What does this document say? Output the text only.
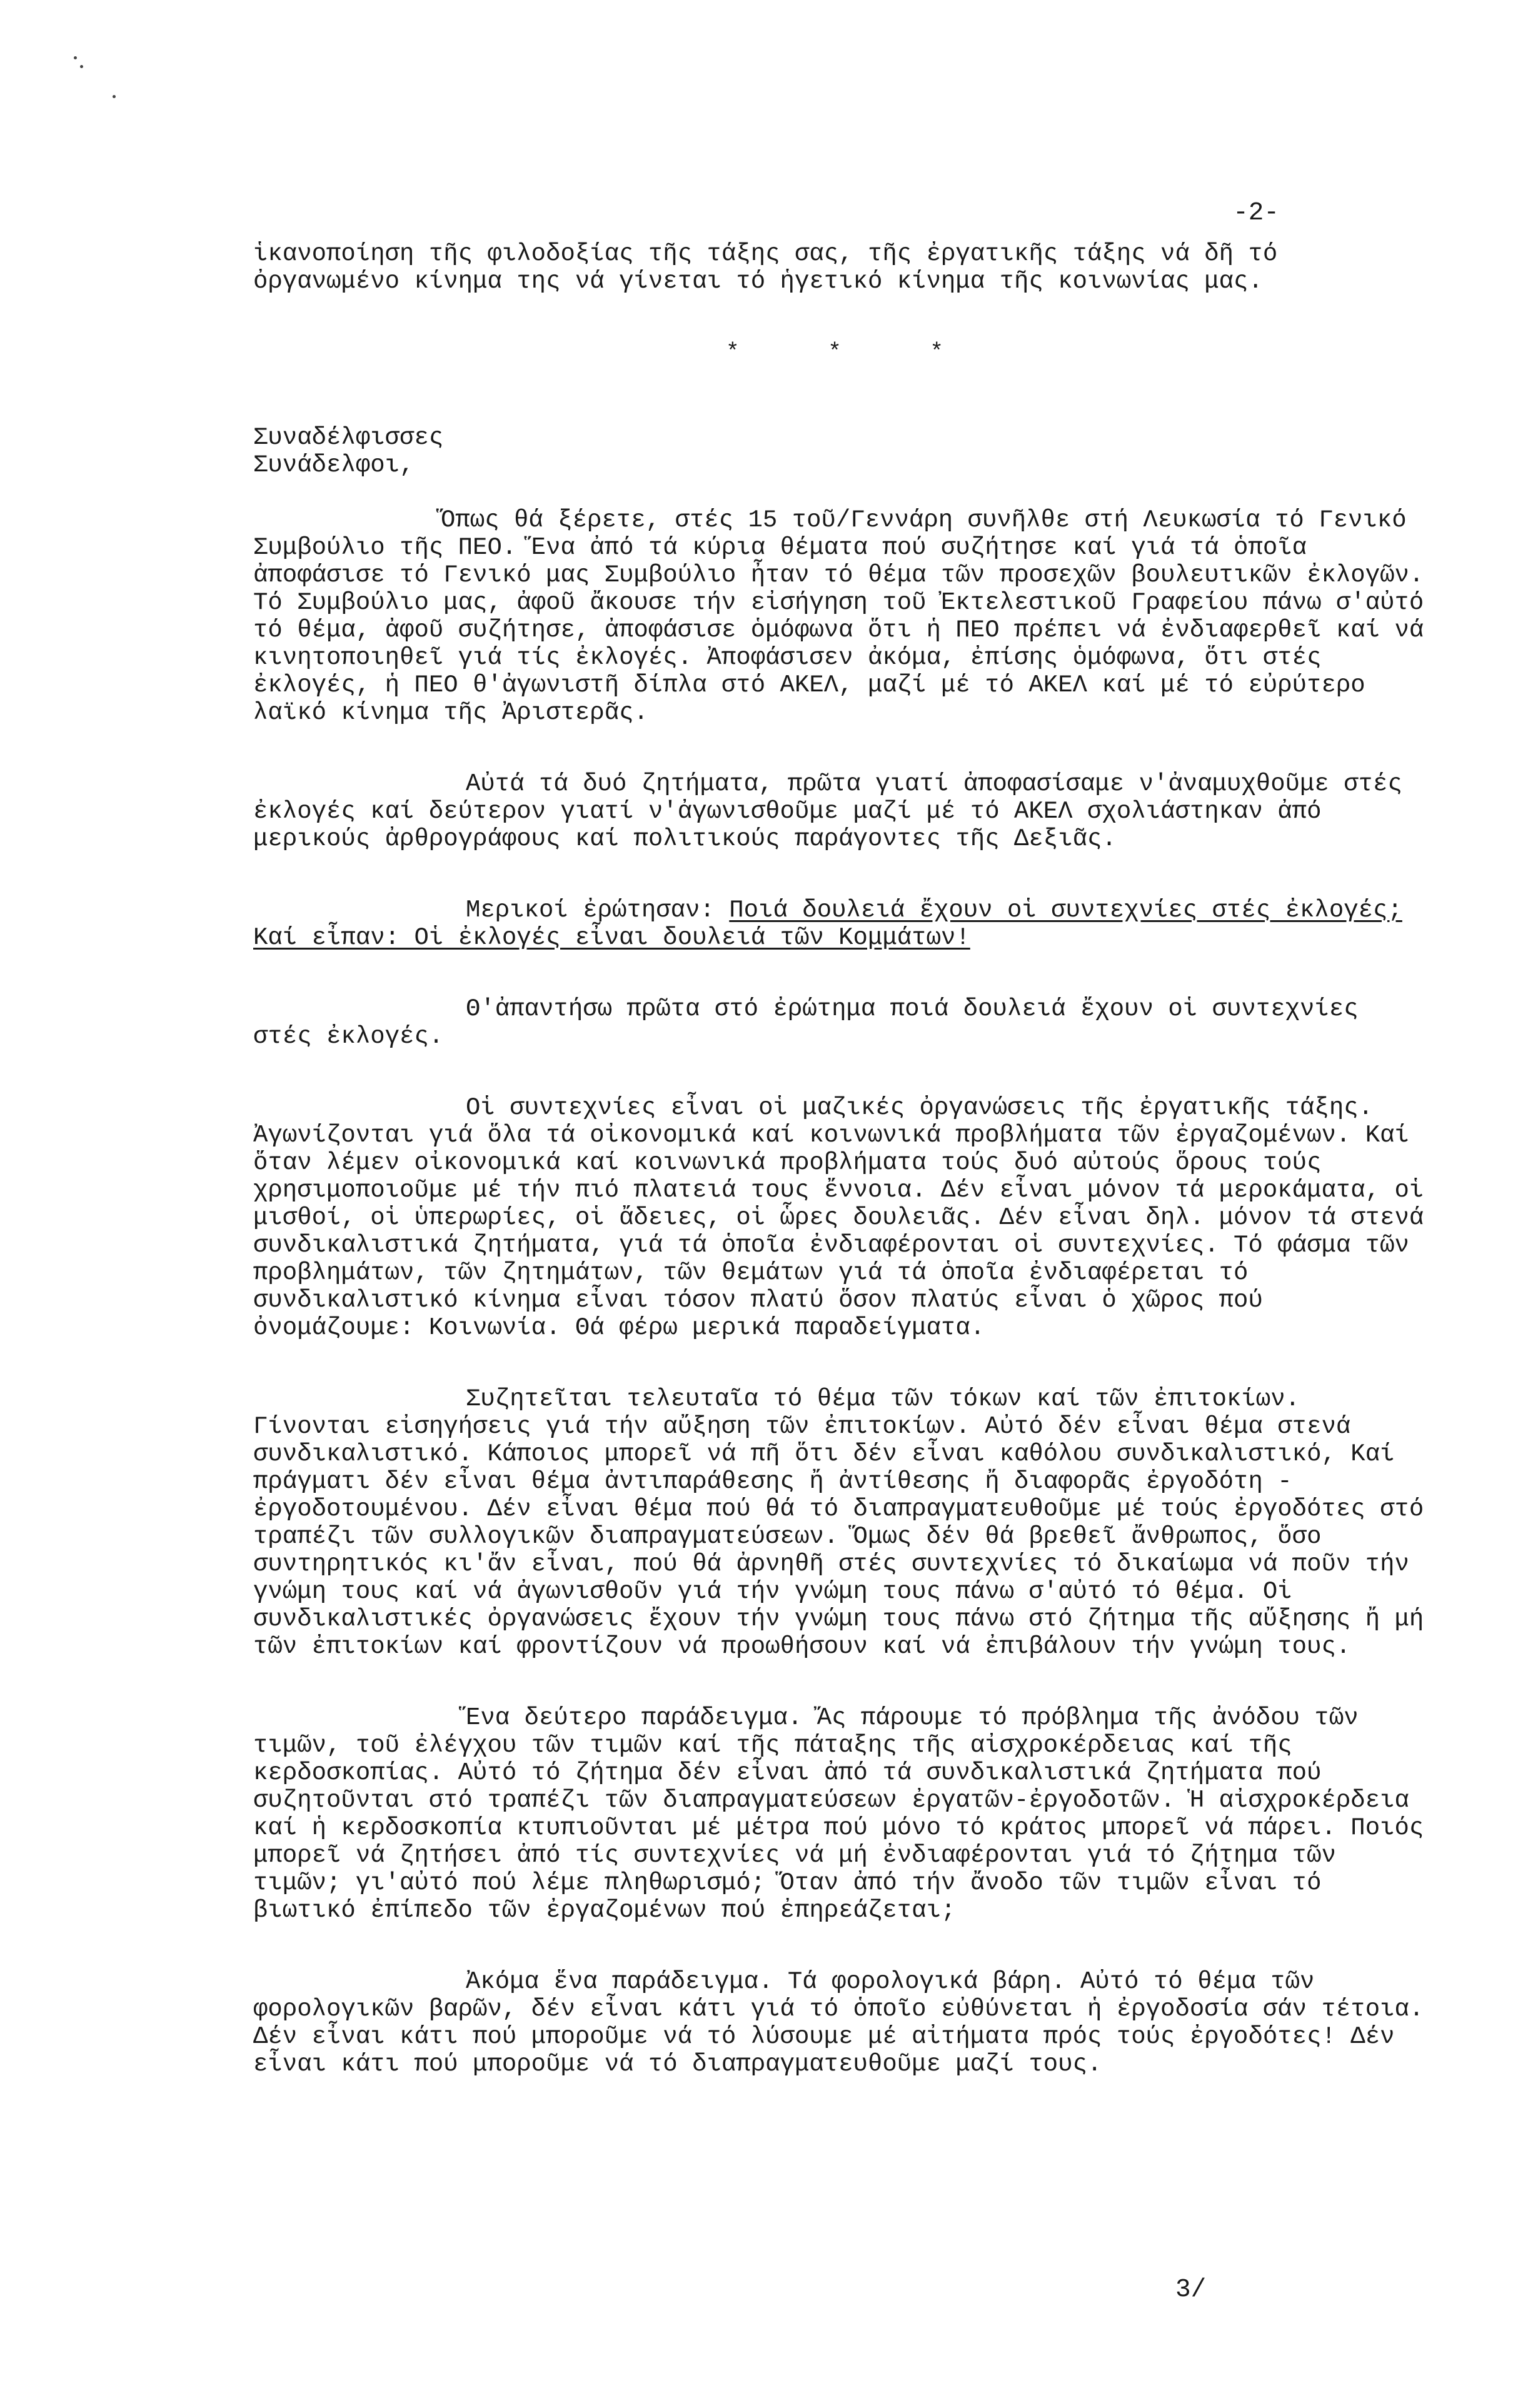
-2-

ἱκανοποίηση τῆς φιλοδοξίας τῆς τάξης σας, τῆς ἐργατικῆς τάξης νά δῆ τό ὀργανωμένο κίνημα της νά γίνεται τό ἡγετικό κίνημα τῆς κοινωνίας μας.

* * *

Συναδέλφισσες

Συνάδελφοι,

Ὅπως θά ξέρετε, στές 15 τοῦ/Γεννάρη συνῆλθε στή Λευκωσία τό Γενικό Συμβούλιο τῆς ΠΕΟ. Ἕνα ἀπό τά κύρια θέματα πού συζήτησε καί γιά τά ὁποῖα ἀποφάσισε τό Γενικό μας Συμβούλιο ἦταν τό θέμα τῶν προσεχῶν βουλευτικῶν ἐκλογῶν. Τό Συμβούλιο μας, ἀφοῦ ἄκουσε τήν εἰσήγηση τοῦ Ἐκτελεστικοῦ Γραφείου πάνω σ'αὐτό τό θέμα, ἀφοῦ συζήτησε, ἀποφάσισε ὁμόφωνα ὅτι ἡ ΠΕΟ πρέπει νά ἐνδιαφερθεῖ καί νά κινητοποιηθεῖ γιά τίς ἐκλογές. Ἀποφάσισεν ἀκόμα, ἐπίσης ὁμόφωνα, ὅτι στές ἐκλογές, ἡ ΠΕΟ θ'ἀγωνιστῆ δίπλα στό ΑΚΕΛ, μαζί μέ τό ΑΚΕΛ καί μέ τό εὐρύτερο λαϊκό κίνημα τῆς Ἀριστερᾶς.

Αὐτά τά δυό ζητήματα, πρῶτα γιατί ἀποφασίσαμε ν'ἀναμυχθοῦμε στές ἐκλογές καί δεύτερον γιατί ν'ἀγωνισθοῦμε μαζί μέ τό ΑΚΕΛ σχολιάστηκαν ἀπό μερικούς ἀρθρογράφους καί πολιτικούς παράγοντες τῆς Δεξιᾶς.

Μερικοί ἐρώτησαν: Ποιά δουλειά ἔχουν οἱ συντεχνίες στές ἐκλογές;

Καί εἶπαν: Οἱ ἐκλογές εἶναι δουλειά τῶν Κομμάτων!

Θ'ἀπαντήσω πρῶτα στό ἐρώτημα ποιά δουλειά ἔχουν οἱ συντεχνίες στές ἐκλογές.

Οἱ συντεχνίες εἶναι οἱ μαζικές ὀργανώσεις τῆς ἐργατικῆς τάξης. Ἀγωνίζονται γιά ὅλα τά οἰκονομικά καί κοινωνικά προβλήματα τῶν ἐργαζομένων. Καί ὅταν λέμεν οἰκονομικά καί κοινωνικά προβλήματα τούς δυό αὐτούς ὅρους τούς χρησιμοποιοῦμε μέ τήν πιό πλατειά τους ἔννοια. Δέν εἶναι μόνον τά μεροκάματα, οἱ μισθοί, οἱ ὑπερωρίες, οἱ ἄδειες, οἱ ὧρες δουλειᾶς. Δέν εἶναι δηλ. μόνον τά στενά συνδικαλιστικά ζητήματα, γιά τά ὁποῖα ἐνδιαφέρονται οἱ συντεχνίες. Τό φάσμα τῶν προβλημάτων, τῶν ζητημάτων, τῶν θεμάτων γιά τά ὁποῖα ἐνδιαφέρεται τό συνδικαλιστικό κίνημα εἶναι τόσον πλατύ ὅσον πλατύς εἶναι ὁ χῶρος πού ὀνομάζουμε: Κοινωνία. Θά φέρω μερικά παραδείγματα.

Συζητεῖται τελευταῖα τό θέμα τῶν τόκων καί τῶν ἐπιτοκίων. Γίνονται εἰσηγήσεις γιά τήν αὔξηση τῶν ἐπιτοκίων. Αὐτό δέν εἶναι θέμα στενά συνδικαλιστικό. Κάποιος μπορεῖ νά πῆ ὅτι δέν εἶναι καθόλου συνδικαλιστικό, Καί πράγματι δέν εἶναι θέμα ἀντιπαράθεσης ἤ ἀντίθεσης ἤ διαφορᾶς ἐργοδότη - ἐργοδοτουμένου. Δέν εἶναι θέμα πού θά τό διαπραγματευθοῦμε μέ τούς ἐργοδότες στό τραπέζι τῶν συλλογικῶν διαπραγματεύσεων. Ὅμως δέν θά βρεθεῖ ἄνθρωπος, ὅσο συντηρητικός κι'ἄν εἶναι, πού θά ἀρνηθῆ στές συντεχνίες τό δικαίωμα νά ποῦν τήν γνώμη τους καί νά ἀγωνισθοῦν γιά τήν γνώμη τους πάνω σ'αὐτό τό θέμα. Οἱ συνδικαλιστικές ὀργανώσεις ἔχουν τήν γνώμη τους πάνω στό ζήτημα τῆς αὔξησης ἤ μή τῶν ἐπιτοκίων καί φροντίζουν νά προωθήσουν καί νά ἐπιβάλουν τήν γνώμη τους.

Ἕνα δεύτερο παράδειγμα. Ἄς πάρουμε τό πρόβλημα τῆς ἀνόδου τῶν τιμῶν, τοῦ ἐλέγχου τῶν τιμῶν καί τῆς πάταξης τῆς αἰσχροκέρδειας καί τῆς κερδοσκοπίας. Αὐτό τό ζήτημα δέν εἶναι ἀπό τά συνδικαλιστικά ζητήματα πού συζητοῦνται στό τραπέζι τῶν διαπραγματεύσεων ἐργατῶν-ἐργοδοτῶν. Ἡ αἰσχροκέρδεια καί ἡ κερδοσκοπία κτυπιοῦνται μέ μέτρα πού μόνο τό κράτος μπορεῖ νά πάρει. Ποιός μπορεῖ νά ζητήσει ἀπό τίς συντεχνίες νά μή ἐνδιαφέρονται γιά τό ζήτημα τῶν τιμῶν; γι'αὐτό πού λέμε πληθωρισμό; Ὅταν ἀπό τήν ἄνοδο τῶν τιμῶν εἶναι τό βιωτικό ἐπίπεδο τῶν ἐργαζομένων πού ἐπηρεάζεται;

Ἀκόμα ἕνα παράδειγμα. Τά φορολογικά βάρη. Αὐτό τό θέμα τῶν φορολογικῶν βαρῶν, δέν εἶναι κάτι γιά τό ὁποῖο εὐθύνεται ἡ ἐργοδοσία σάν τέτοια. Δέν εἶναι κάτι πού μποροῦμε νά τό λύσουμε μέ αἰτήματα πρός τούς ἐργοδότες! Δέν εἶναι κάτι πού μποροῦμε νά τό διαπραγματευθοῦμε μαζί τους.

3/
